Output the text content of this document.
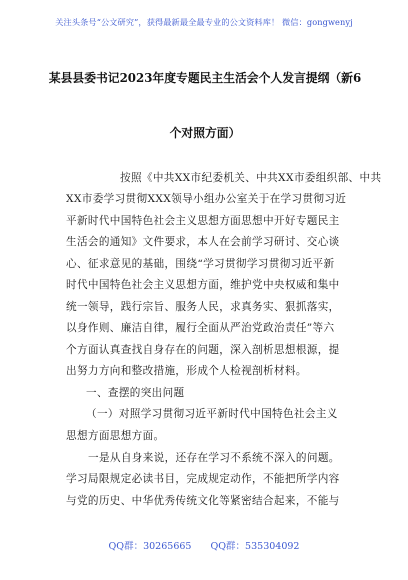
关注头条号“公文研究”，获得最新最全最专业的公文资料库！ 微信：gongwenyj
某县县委书记2023年度专题民主生活会个人发言提纲（新6
个对照方面）
按照《中共XX市纪委机关、中共XX市委组织部、中共
XX市委学习贯彻XXX领导小组办公室关于在学习贯彻习近
平新时代中国特色社会主义思想方面思想中开好专题民主
生活会的通知》文件要求，本人在会前学习研讨、交心谈
心、征求意见的基础，围绕“学习贯彻学习贯彻习近平新
时代中国特色社会主义思想方面，维护党中央权威和集中
统一领导，践行宗旨、服务人民，求真务实、狠抓落实，
以身作则、廉洁自律，履行全面从严治党政治责任”等六
个方面认真查找自身存在的问题，深入剖析思想根源，提
出努力方向和整改措施，形成个人检视剖析材料。
一、查摆的突出问题
（一）对照学习贯彻习近平新时代中国特色社会主义
思想方面思想方面。
一是从自身来说，还存在学习不系统不深入的问题。
学习局限规定必读书目，完成规定动作，不能把所学内容
与党的历史、中华优秀传统文化等紧密结合起来，不能与
QQ群：30265665 QQ群：535304092
